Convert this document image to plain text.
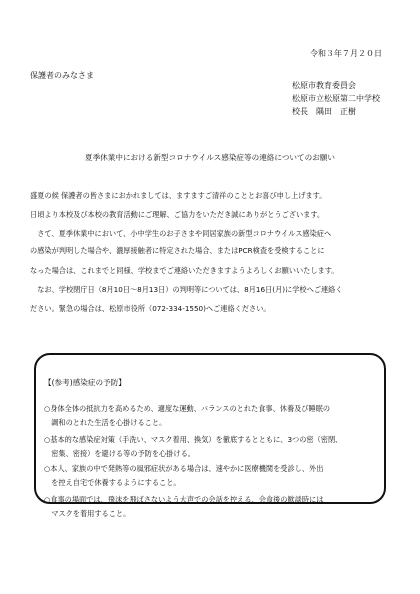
令和３年７月２０日
保護者のみなさま
松原市教育委員会
松原市立松原第二中学校
校長　隅田　正樹
夏季休業中における新型コロナウイルス感染症等の連絡についてのお願い
盛夏の候 保護者の皆さまにおかれましては、ますますご清祥のこととお喜び申し上げます。
日頃より本校及び本校の教育活動にご理解、ご協力をいただき誠にありがとうございます。
　さて、夏季休業中において、小中学生のお子さまや同居家族の新型コロナウイルス感染症へ
の感染が判明した場合や、濃厚接触者に特定された場合、またはPCR検査を受検することに
なった場合は、これまでと同様、学校までご連絡いただきますようよろしくお願いいたします。
　なお、学校閉庁日（8月10日～8月13日）の判明等については、8月16日(月)に学校へご連絡く
ださい。緊急の場合は、松原市役所（072-334-1550)へご連絡ください。
【(参考)感染症の予防】
○身体全体の抵抗力を高めるため、適度な運動、バランスのとれた食事、休養及び睡眠の
　調和のとれた生活を心掛けること。
○基本的な感染症対策（手洗い、マスク着用、換気）を徹底するとともに、3つの密（密閉、
　密集、密接）を避ける等の予防を心掛ける。
○本人、家族の中で発熱等の風邪症状がある場合は、速やかに医療機関を受診し、外出
　を控え自宅で休養するようにすること。
○食事の場面では、飛沫を飛ばさないよう大声での会話を控える、会食後の歓談時には
　マスクを着用すること。
